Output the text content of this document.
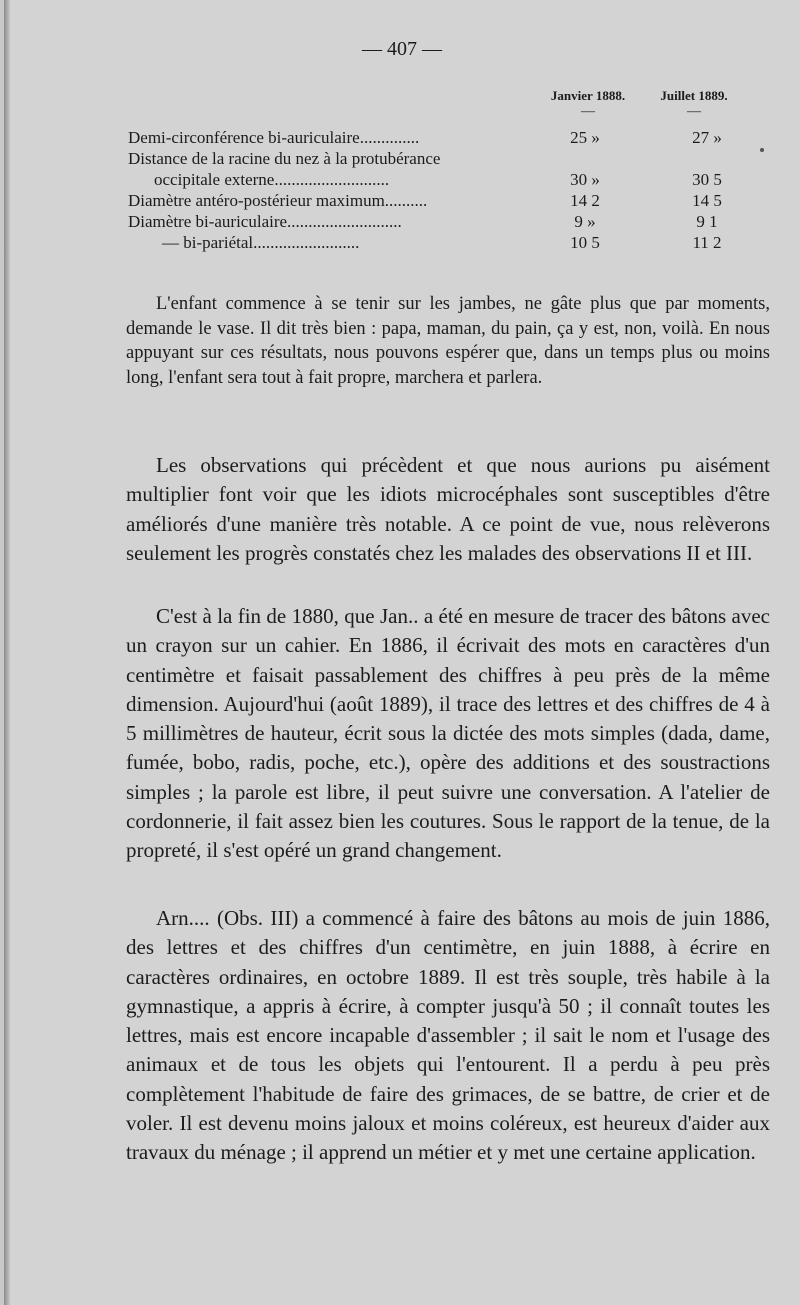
— 407 —
Janvier 1888.	Juillet 1889.
—	—
Demi-circonférence bi-auriculaire..............	25 »	27 »
Distance de la racine du nez à la protubérance
occipitale externe...........................	30 »	30 5
Diamètre antéro-postérieur maximum..........	14 2	14 5
Diamètre bi-auriculaire...........................	9 »	9 1
— bi-pariétal.........................	10 5	11 2

L'enfant commence à se tenir sur les jambes, ne gâte plus que par moments, demande le vase. Il dit très bien : papa, maman, du pain, ça y est, non, voilà. En nous appuyant sur ces résultats, nous pouvons espérer que, dans un temps plus ou moins long, l'enfant sera tout à fait propre, marchera et parlera.

Les observations qui précèdent et que nous aurions pu aisément multiplier font voir que les idiots microcéphales sont susceptibles d'être améliorés d'une manière très notable. A ce point de vue, nous relèverons seulement les progrès constatés chez les malades des observations II et III.

C'est à la fin de 1880, que Jan.. a été en mesure de tracer des bâtons avec un crayon sur un cahier. En 1886, il écrivait des mots en caractères d'un centimètre et faisait passablement des chiffres à peu près de la même dimension. Aujourd'hui (août 1889), il trace des lettres et des chiffres de 4 à 5 millimètres de hauteur, écrit sous la dictée des mots simples (dada, dame, fumée, bobo, radis, poche, etc.), opère des additions et des soustractions simples ; la parole est libre, il peut suivre une conversation. A l'atelier de cordonnerie, il fait assez bien les coutures. Sous le rapport de la tenue, de la propreté, il s'est opéré un grand changement.

Arn.... (Obs. III) a commencé à faire des bâtons au mois de juin 1886, des lettres et des chiffres d'un centimètre, en juin 1888, à écrire en caractères ordinaires, en octobre 1889. Il est très souple, très habile à la gymnastique, a appris à écrire, à compter jusqu'à 50 ; il connaît toutes les lettres, mais est encore incapable d'assembler ; il sait le nom et l'usage des animaux et de tous les objets qui l'entourent. Il a perdu à peu près complètement l'habitude de faire des grimaces, de se battre, de crier et de voler. Il est devenu moins jaloux et moins coléreux, est heureux d'aider aux travaux du ménage ; il apprend un métier et y met une certaine application.
